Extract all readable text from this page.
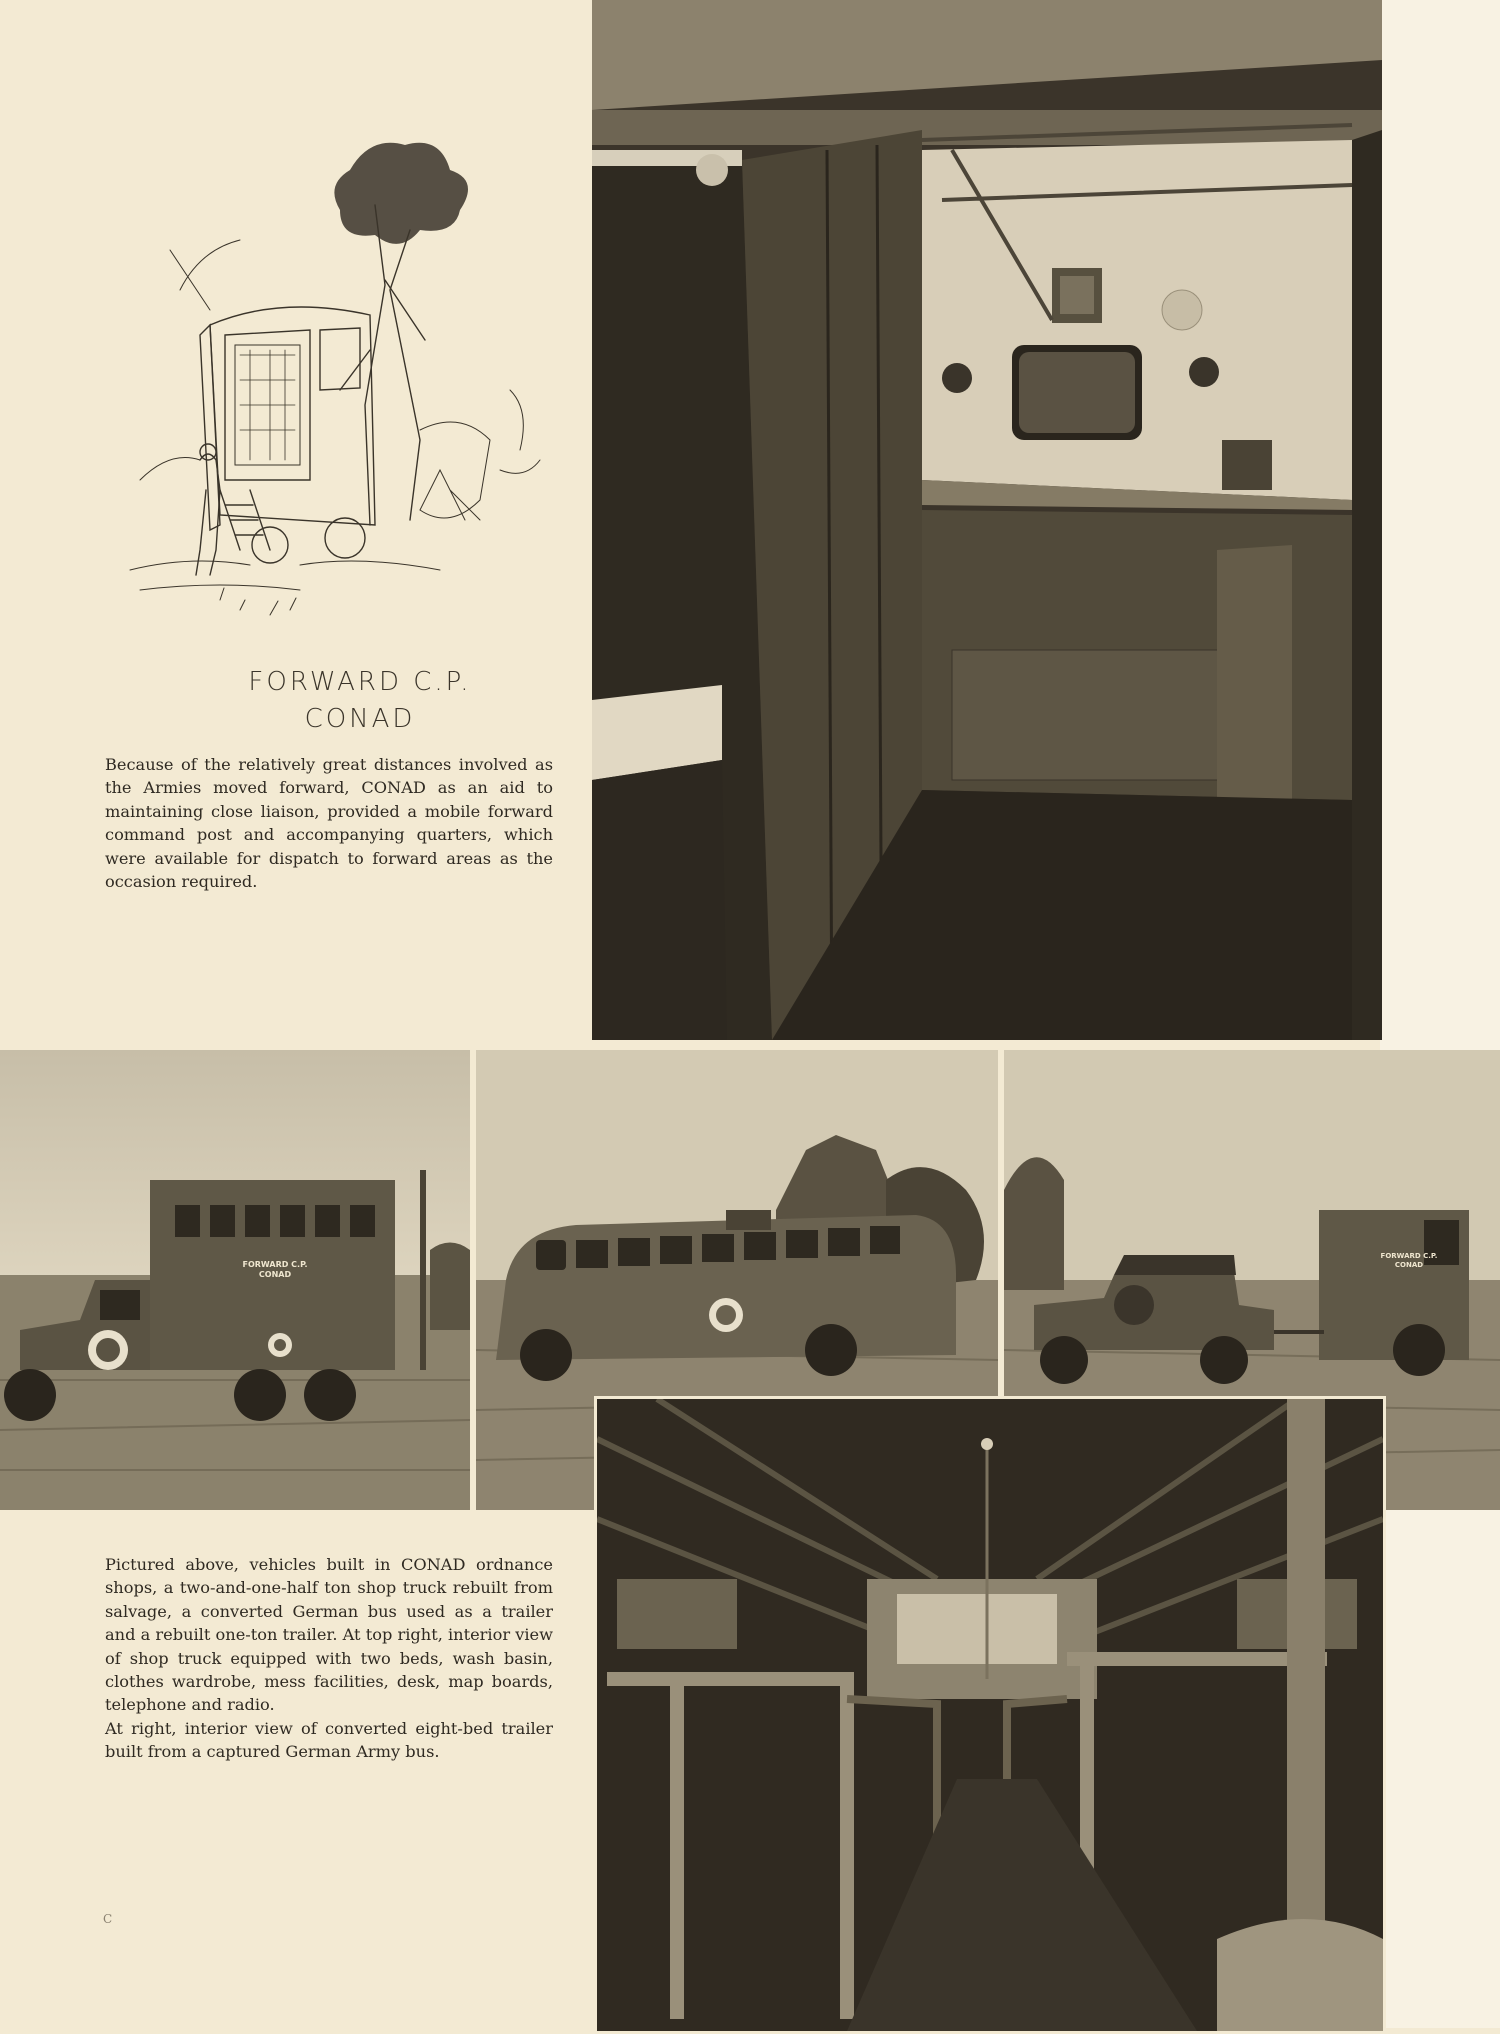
FORWARD C.P.
CONAD
Because of the relatively great distances involved as the Armies moved forward, CONAD as an aid to maintaining close liaison, provided a mobile forward command post and accompanying quarters, which were available for dispatch to forward areas as the occasion required.
FORWARD C.P.
CONAD
FORWARD C.P.
CONAD

Pictured above, vehicles built in CONAD ordnance shops, a two-and-one-half ton shop truck rebuilt from salvage, a converted German bus used as a trailer and a rebuilt one-ton trailer. At top right, interior view of shop truck equipped with two beds, wash basin, clothes wardrobe, mess facilities, desk, map boards, telephone and radio.

At right, interior view of converted eight-bed trailer built from a captured German Army bus.

C
